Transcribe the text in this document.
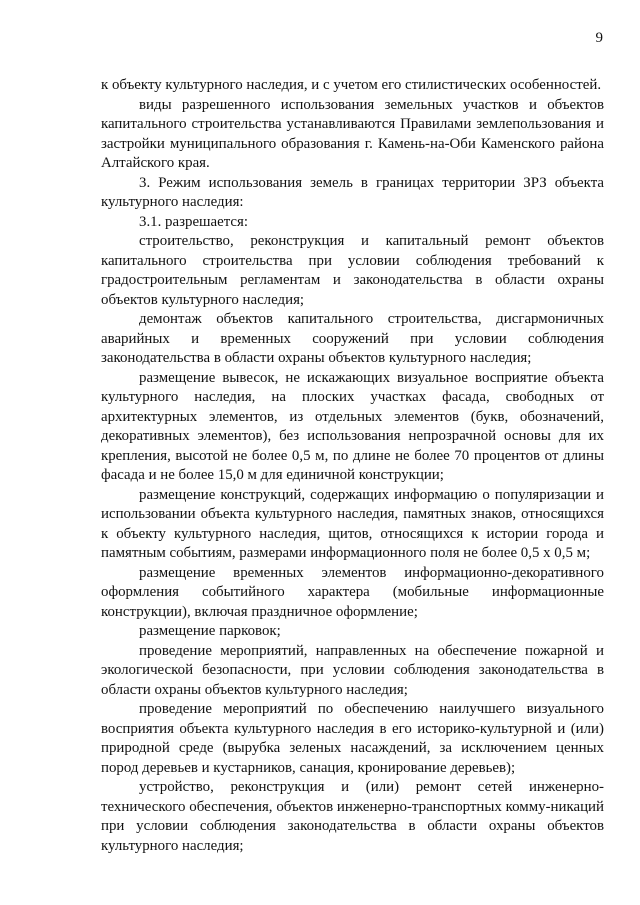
9

к объекту культурного наследия, и с учетом его стилистических особенностей.

виды разрешенного использования земельных участков и объектов капитального строительства устанавливаются Правилами землепользования и застройки муниципального образования г. Камень-на-Оби Каменского района Алтайского края.

3. Режим использования земель в границах территории ЗРЗ объекта культурного наследия:

3.1. разрешается:

строительство, реконструкция и капитальный ремонт объектов капитального строительства при условии соблюдения требований к градостроительным регламентам и законодательства в области охраны объектов культурного наследия;

демонтаж объектов капитального строительства, дисгармоничных аварийных и временных сооружений при условии соблюдения законодательства в области охраны объектов культурного наследия;

размещение вывесок, не искажающих визуальное восприятие объекта культурного наследия, на плоских участках фасада, свободных от архитектурных элементов, из отдельных элементов (букв, обозначений, декоративных элементов), без использования непрозрачной основы для их крепления, высотой не более 0,5 м, по длине не более 70 процентов от длины фасада и не более 15,0 м для единичной конструкции;

размещение конструкций, содержащих информацию о популяризации и использовании объекта культурного наследия, памятных знаков, относящихся к объекту культурного наследия, щитов, относящихся к истории города и памятным событиям, размерами информационного поля не более 0,5 х 0,5 м;

размещение временных элементов информационно-декоративного оформления событийного характера (мобильные информационные конструкции), включая праздничное оформление;

размещение парковок;

проведение мероприятий, направленных на обеспечение пожарной и экологической безопасности, при условии соблюдения законодательства в области охраны объектов культурного наследия;

проведение мероприятий по обеспечению наилучшего визуального восприятия объекта культурного наследия в его историко-культурной и (или) природной среде (вырубка зеленых насаждений, за исключением ценных пород деревьев и кустарников, санация, кронирование деревьев);

устройство, реконструкция и (или) ремонт сетей инженерно-технического обеспечения, объектов инженерно-транспортных комму-никаций при условии соблюдения законодательства в области охраны объектов культурного наследия;
